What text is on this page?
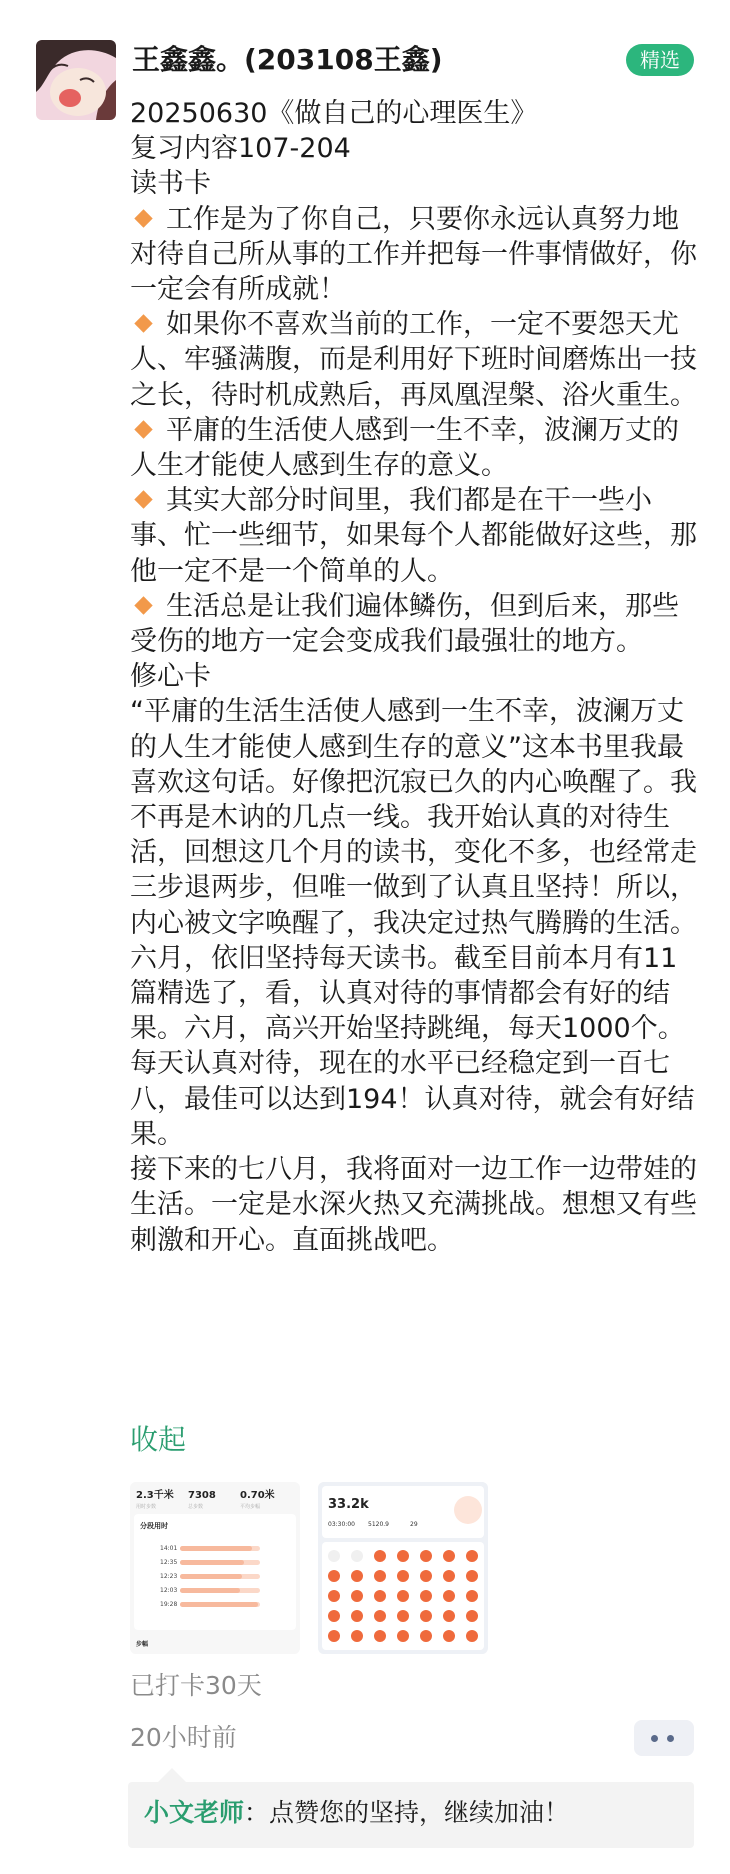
王鑫鑫。(203108王鑫)	精选

20250630《做自己的心理医生》

复习内容107-204

读书卡

工作是为了你自己，只要你永远认真努力地对待自己所从事的工作并把每一件事情做好，你一定会有所成就！

如果你不喜欢当前的工作，一定不要怨天尤人、牢骚满腹，而是利用好下班时间磨炼出一技之长，待时机成熟后，再凤凰涅槃、浴火重生。

平庸的生活使人感到一生不幸，波澜万丈的人生才能使人感到生存的意义。

其实大部分时间里，我们都是在干一些小事、忙一些细节，如果每个人都能做好这些，那他一定不是一个简单的人。

生活总是让我们遍体鳞伤，但到后来，那些受伤的地方一定会变成我们最强壮的地方。

修心卡

“平庸的生活生活使人感到一生不幸，波澜万丈的人生才能使人感到生存的意义”这本书里我最喜欢这句话。好像把沉寂已久的内心唤醒了。我不再是木讷的几点一线。我开始认真的对待生活，回想这几个月的读书，变化不多，也经常走三步退两步，但唯一做到了认真且坚持！所以，内心被文字唤醒了，我决定过热气腾腾的生活。

六月，依旧坚持每天读书。截至目前本月有11篇精选了，看，认真对待的事情都会有好的结果。六月，高兴开始坚持跳绳，每天1000个。每天认真对待，现在的水平已经稳定到一百七八，最佳可以达到194！认真对待，就会有好结果。

接下来的七八月，我将面对一边工作一边带娃的生活。一定是水深火热又充满挑战。想想又有些刺激和开心。直面挑战吧。

收起
2.3千米 7308 0.70米
用时步数	总步数	平均步幅
分段用时
14:01
12:35
12:23
12:03
19:28
步幅
33.2k
03:30:00 5120.9	29
已打卡30天
20小时前
小文老师：点赞您的坚持，继续加油！
